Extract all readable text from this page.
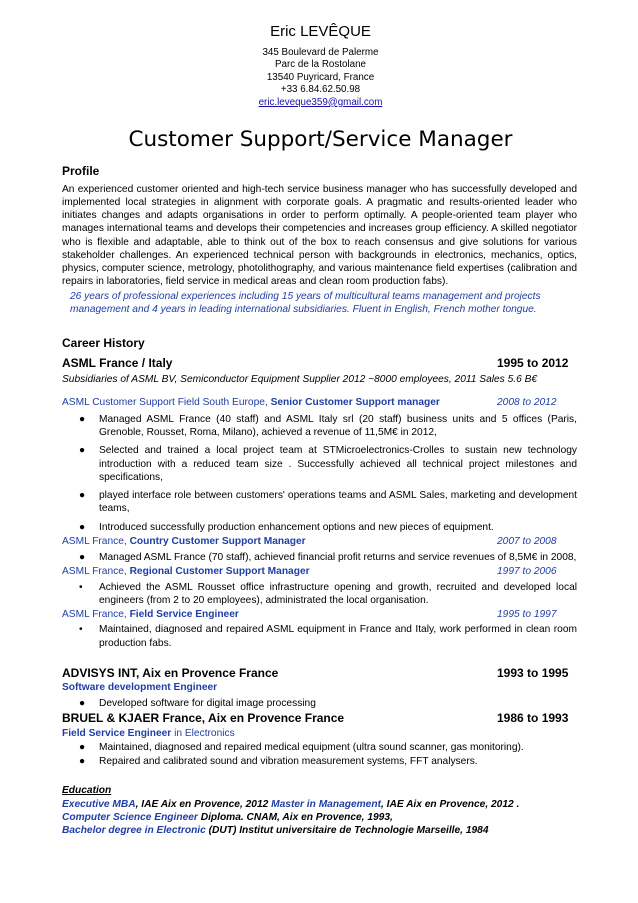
Eric LEVÊQUE
345 Boulevard de Palerme
Parc de la Rostolane
13540 Puyricard, France
+33 6.84.62.50.98
eric.leveque359@gmail.com
Customer Support/Service Manager
Profile
An experienced customer oriented and high-tech service business manager who has successfully developed and implemented local strategies in alignment with corporate goals. A pragmatic and results-oriented leader who initiates changes and adapts organisations in order to perform optimally. A people-oriented team player who manages international teams and develops their competencies and increases group efficiency. A skilled negotiator who is flexible and adaptable, able to think out of the box to reach consensus and give solutions for various stakeholder challenges. An experienced technical person with backgrounds in electronics, mechanics, optics, physics, computer science, metrology, photolithography, and various maintenance field expertises (calibration and repairs in laboratories, field service in medical areas and clean room production fabs).
26 years of professional experiences including 15 years of multicultural teams management and projects management and 4 years in leading international subsidiaries. Fluent in English, French mother tongue.
Career History
ASML France / Italy	1995 to 2012
Subsidiaries of ASML BV, Semiconductor Equipment Supplier 2012 ~8000 employees, 2011 Sales 5.6 B€
ASML Customer Support Field South Europe, Senior Customer Support manager	2008 to 2012
● Managed ASML France (40 staff) and ASML Italy srl (20 staff) business units and 5 offices (Paris, Grenoble, Rousset, Roma, Milano), achieved a revenue of 11,5M€ in 2012,
● Selected and trained a local project team at STMicroelectronics-Crolles to sustain new technology introduction with a reduced team size . Successfully achieved all technical project milestones and specifications,
● played interface role between customers' operations teams and ASML Sales, marketing and development teams,
● Introduced successfully production enhancement options and new pieces of equipment.
ASML France, Country Customer Support Manager	2007 to 2008
● Managed ASML France (70 staff), achieved financial profit returns and service revenues of 8,5M€ in 2008,
ASML France, Regional Customer Support Manager	1997 to 2006
• Achieved the ASML Rousset office infrastructure opening and growth, recruited and developed local engineers (from 2 to 20 employees), administrated the local organisation.
ASML France, Field Service Engineer	1995 to 1997
• Maintained, diagnosed and repaired ASML equipment in France and Italy, work performed in clean room production fabs.
ADVISYS INT, Aix en Provence France	1993 to 1995
Software development Engineer
● Developed software for digital image processing
BRUEL & KJAER France, Aix en Provence France	1986 to 1993
Field Service Engineer in Electronics
● Maintained, diagnosed and repaired medical equipment (ultra sound scanner, gas monitoring).
● Repaired and calibrated sound and vibration measurement systems, FFT analysers.
Education
Executive MBA, IAE Aix en Provence, 2012 Master in Management, IAE Aix en Provence, 2012 .
Computer Science Engineer Diploma. CNAM, Aix en Provence, 1993,
Bachelor degree in Electronic (DUT) Institut universitaire de Technologie Marseille, 1984
